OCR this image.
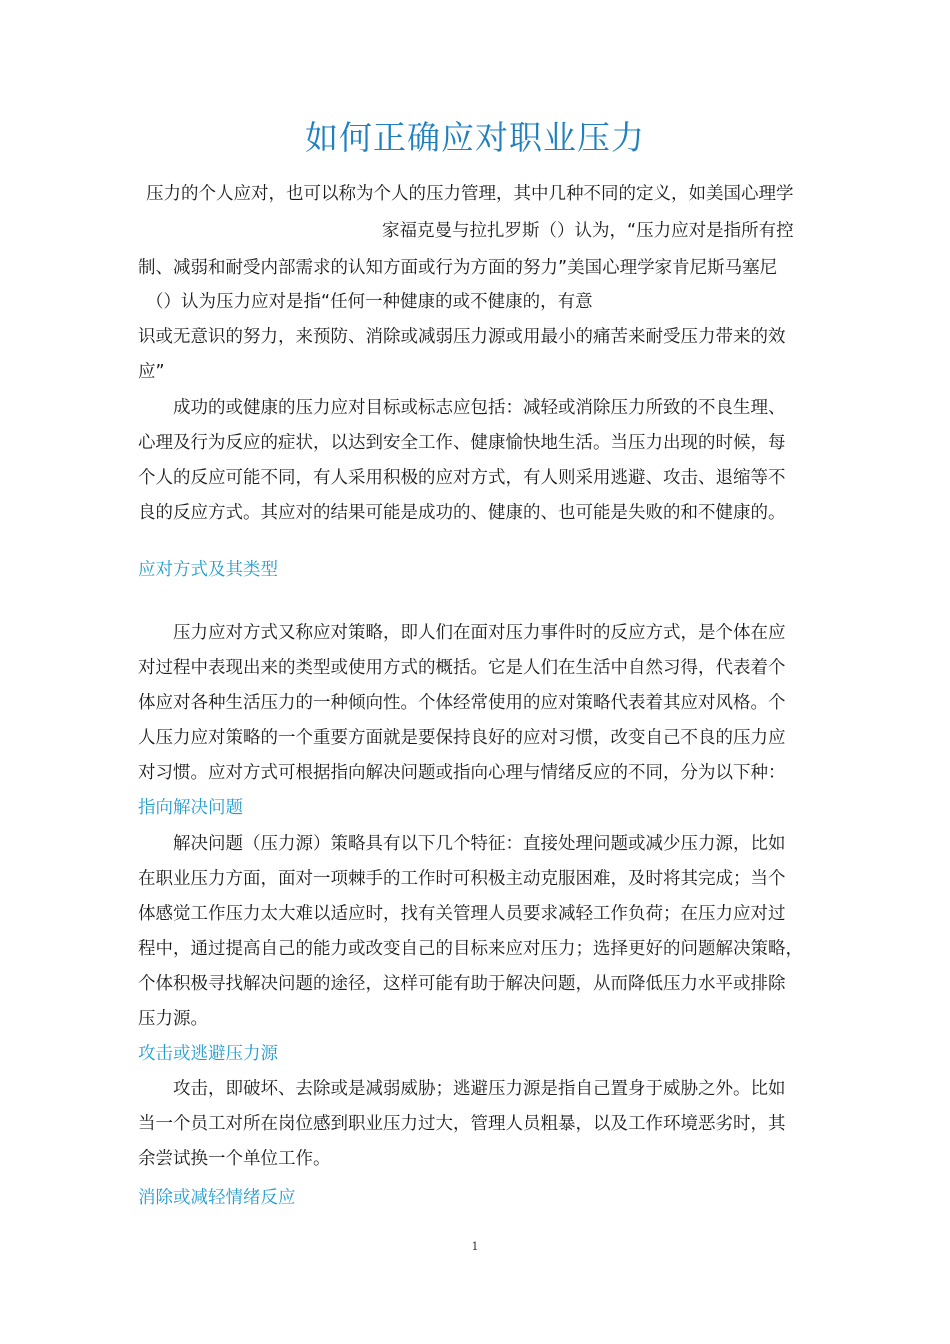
如何正确应对职业压力
压力的个人应对，也可以称为个人的压力管理，其中几种不同的定义，如美国心理学
家福克曼与拉扎罗斯（）认为，“压力应对是指所有控
制、减弱和耐受内部需求的认知方面或行为方面的努力”美国心理学家肯尼斯马塞尼
（）认为压力应对是指“任何一种健康的或不健康的，有意
识或无意识的努力，来预防、消除或减弱压力源或用最小的痛苦来耐受压力带来的效
应”
成功的或健康的压力应对目标或标志应包括：减轻或消除压力所致的不良生理、
心理及行为反应的症状，以达到安全工作、健康愉快地生活。当压力出现的时候，每
个人的反应可能不同，有人采用积极的应对方式，有人则采用逃避、攻击、退缩等不
良的反应方式。其应对的结果可能是成功的、健康的、也可能是失败的和不健康的。
应对方式及其类型
压力应对方式又称应对策略，即人们在面对压力事件时的反应方式，是个体在应
对过程中表现出来的类型或使用方式的概括。它是人们在生活中自然习得，代表着个
体应对各种生活压力的一种倾向性。个体经常使用的应对策略代表着其应对风格。个
人压力应对策略的一个重要方面就是要保持良好的应对习惯，改变自己不良的压力应
对习惯。应对方式可根据指向解决问题或指向心理与情绪反应的不同，分为以下种：
指向解决问题
解决问题（压力源）策略具有以下几个特征：直接处理问题或减少压力源，比如
在职业压力方面，面对一项棘手的工作时可积极主动克服困难，及时将其完成；当个
体感觉工作压力太大难以适应时，找有关管理人员要求减轻工作负荷；在压力应对过
程中，通过提高自己的能力或改变自己的目标来应对压力；选择更好的问题解决策略，
个体积极寻找解决问题的途径，这样可能有助于解决问题，从而降低压力水平或排除
压力源。
攻击或逃避压力源
攻击，即破坏、去除或是减弱威胁；逃避压力源是指自己置身于威胁之外。比如
当一个员工对所在岗位感到职业压力过大，管理人员粗暴，以及工作环境恶劣时，其
余尝试换一个单位工作。
消除或减轻情绪反应
1
